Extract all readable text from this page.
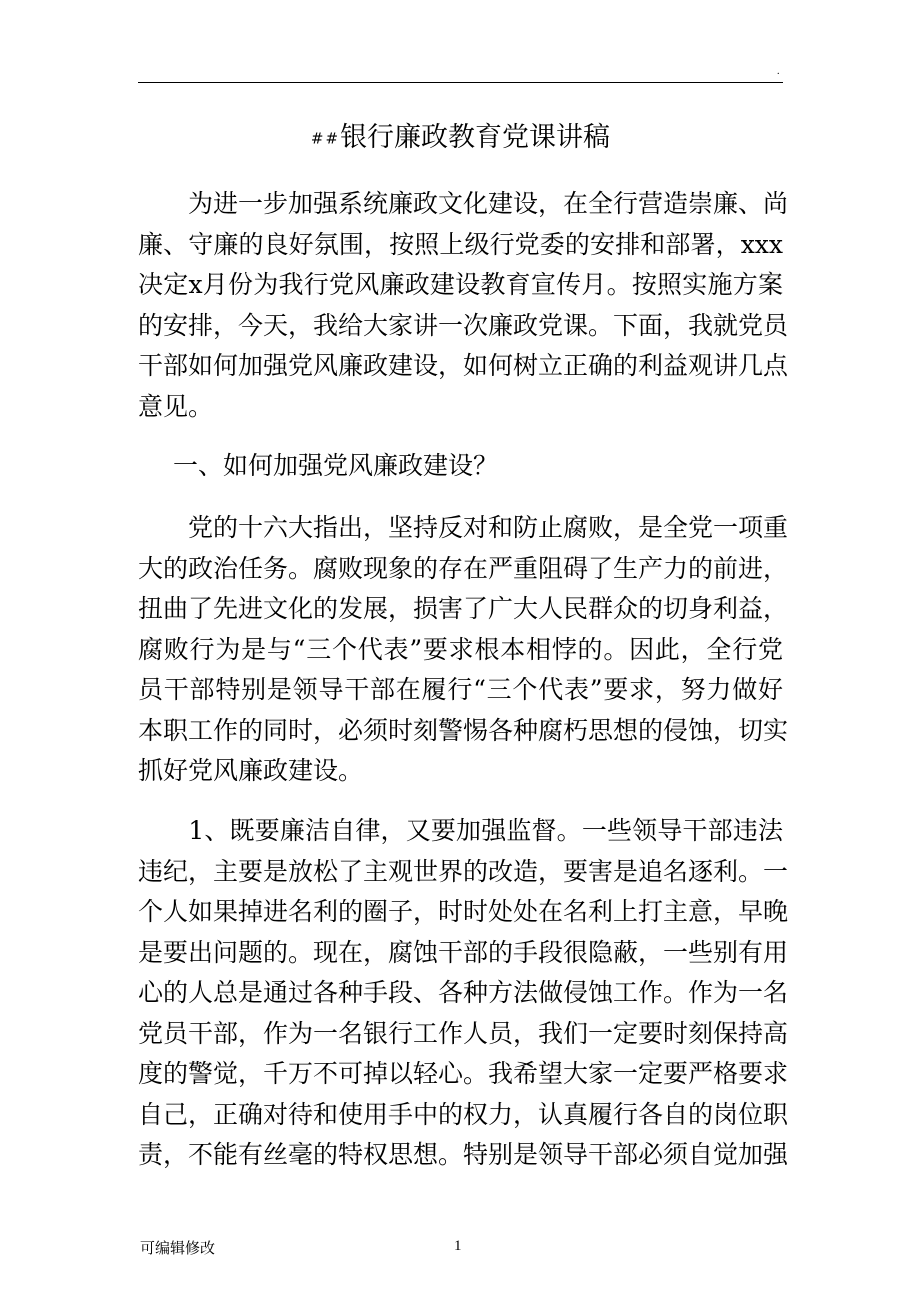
.
##银行廉政教育党课讲稿
　　为进一步加强系统廉政文化建设，在全行营造崇廉、尚
廉、守廉的良好氛围，按照上级行党委的安排和部署，xxx
决定x月份为我行党风廉政建设教育宣传月。按照实施方案
的安排，今天，我给大家讲一次廉政党课。下面，我就党员
干部如何加强党风廉政建设，如何树立正确的利益观讲几点
意见。
一、如何加强党风廉政建设？
　　党的十六大指出，坚持反对和防止腐败，是全党一项重
大的政治任务。腐败现象的存在严重阻碍了生产力的前进，
扭曲了先进文化的发展，损害了广大人民群众的切身利益，
腐败行为是与“三个代表”要求根本相悖的。因此，全行党
员干部特别是领导干部在履行“三个代表”要求，努力做好
本职工作的同时，必须时刻警惕各种腐朽思想的侵蚀，切实
抓好党风廉政建设。
　　1、既要廉洁自律，又要加强监督。一些领导干部违法
违纪，主要是放松了主观世界的改造，要害是追名逐利。一
个人如果掉进名利的圈子，时时处处在名利上打主意，早晚
是要出问题的。现在，腐蚀干部的手段很隐蔽，一些别有用
心的人总是通过各种手段、各种方法做侵蚀工作。作为一名
党员干部，作为一名银行工作人员，我们一定要时刻保持高
度的警觉，千万不可掉以轻心。我希望大家一定要严格要求
自己，正确对待和使用手中的权力，认真履行各自的岗位职
责，不能有丝毫的特权思想。特别是领导干部必须自觉加强
可编辑修改	1
